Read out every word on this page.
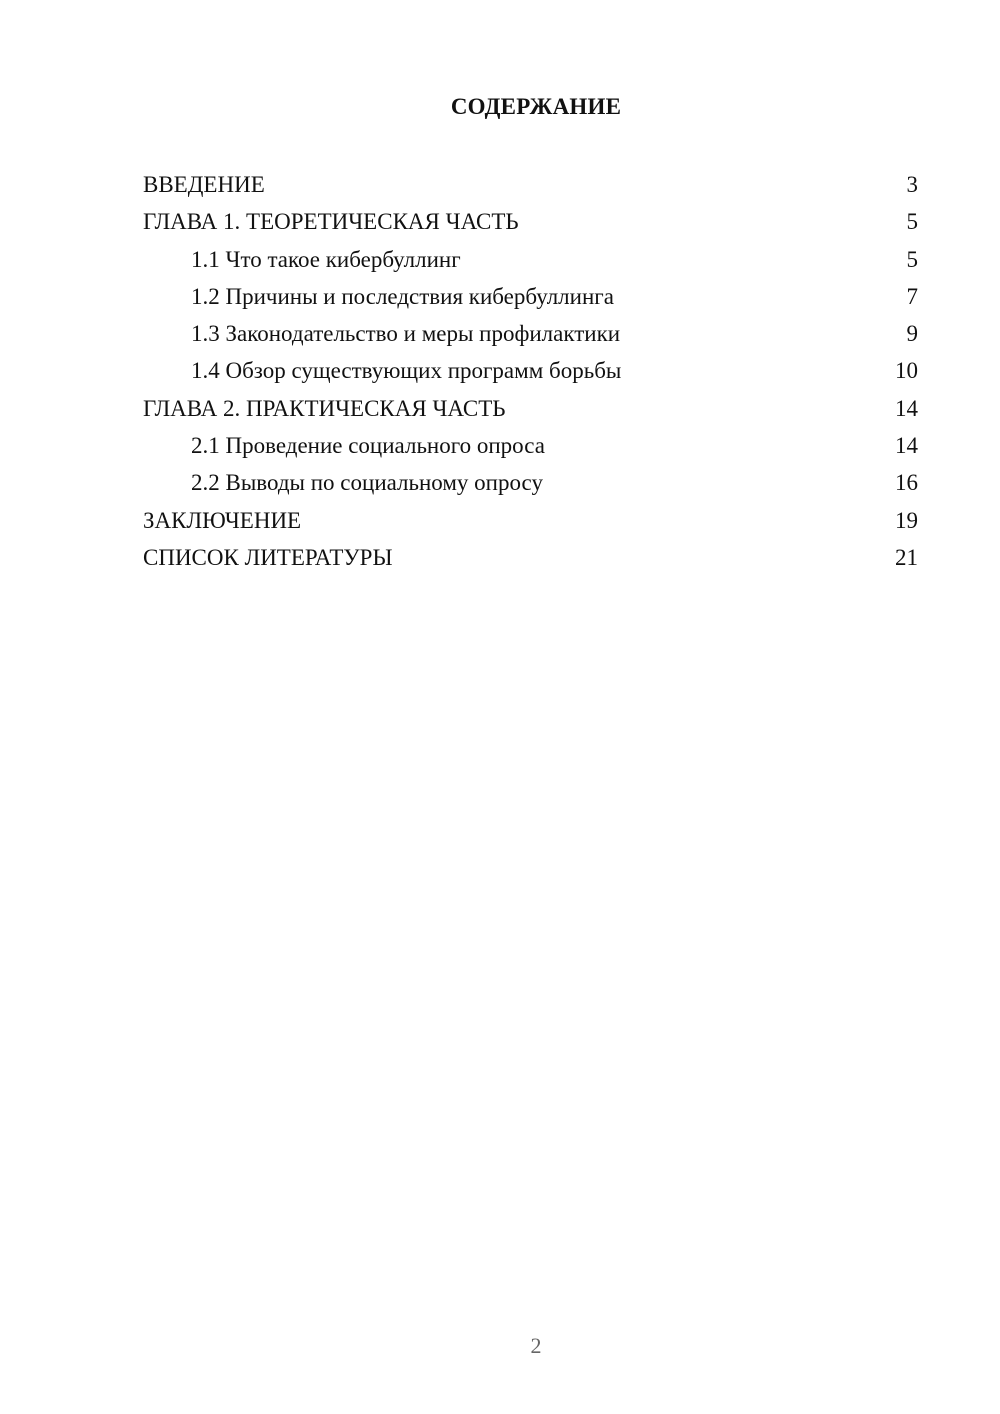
СОДЕРЖАНИЕ
ВВЕДЕНИЕ	3
ГЛАВА 1. ТЕОРЕТИЧЕСКАЯ ЧАСТЬ	5
1.1 Что такое кибербуллинг	5
1.2 Причины и последствия кибербуллинга	7
1.3 Законодательство и меры профилактики	9
1.4 Обзор существующих программ борьбы	10
ГЛАВА 2. ПРАКТИЧЕСКАЯ ЧАСТЬ	14
2.1 Проведение социального опроса	14
2.2 Выводы по социальному опросу	16
ЗАКЛЮЧЕНИЕ	19
СПИСОК ЛИТЕРАТУРЫ	21
2
